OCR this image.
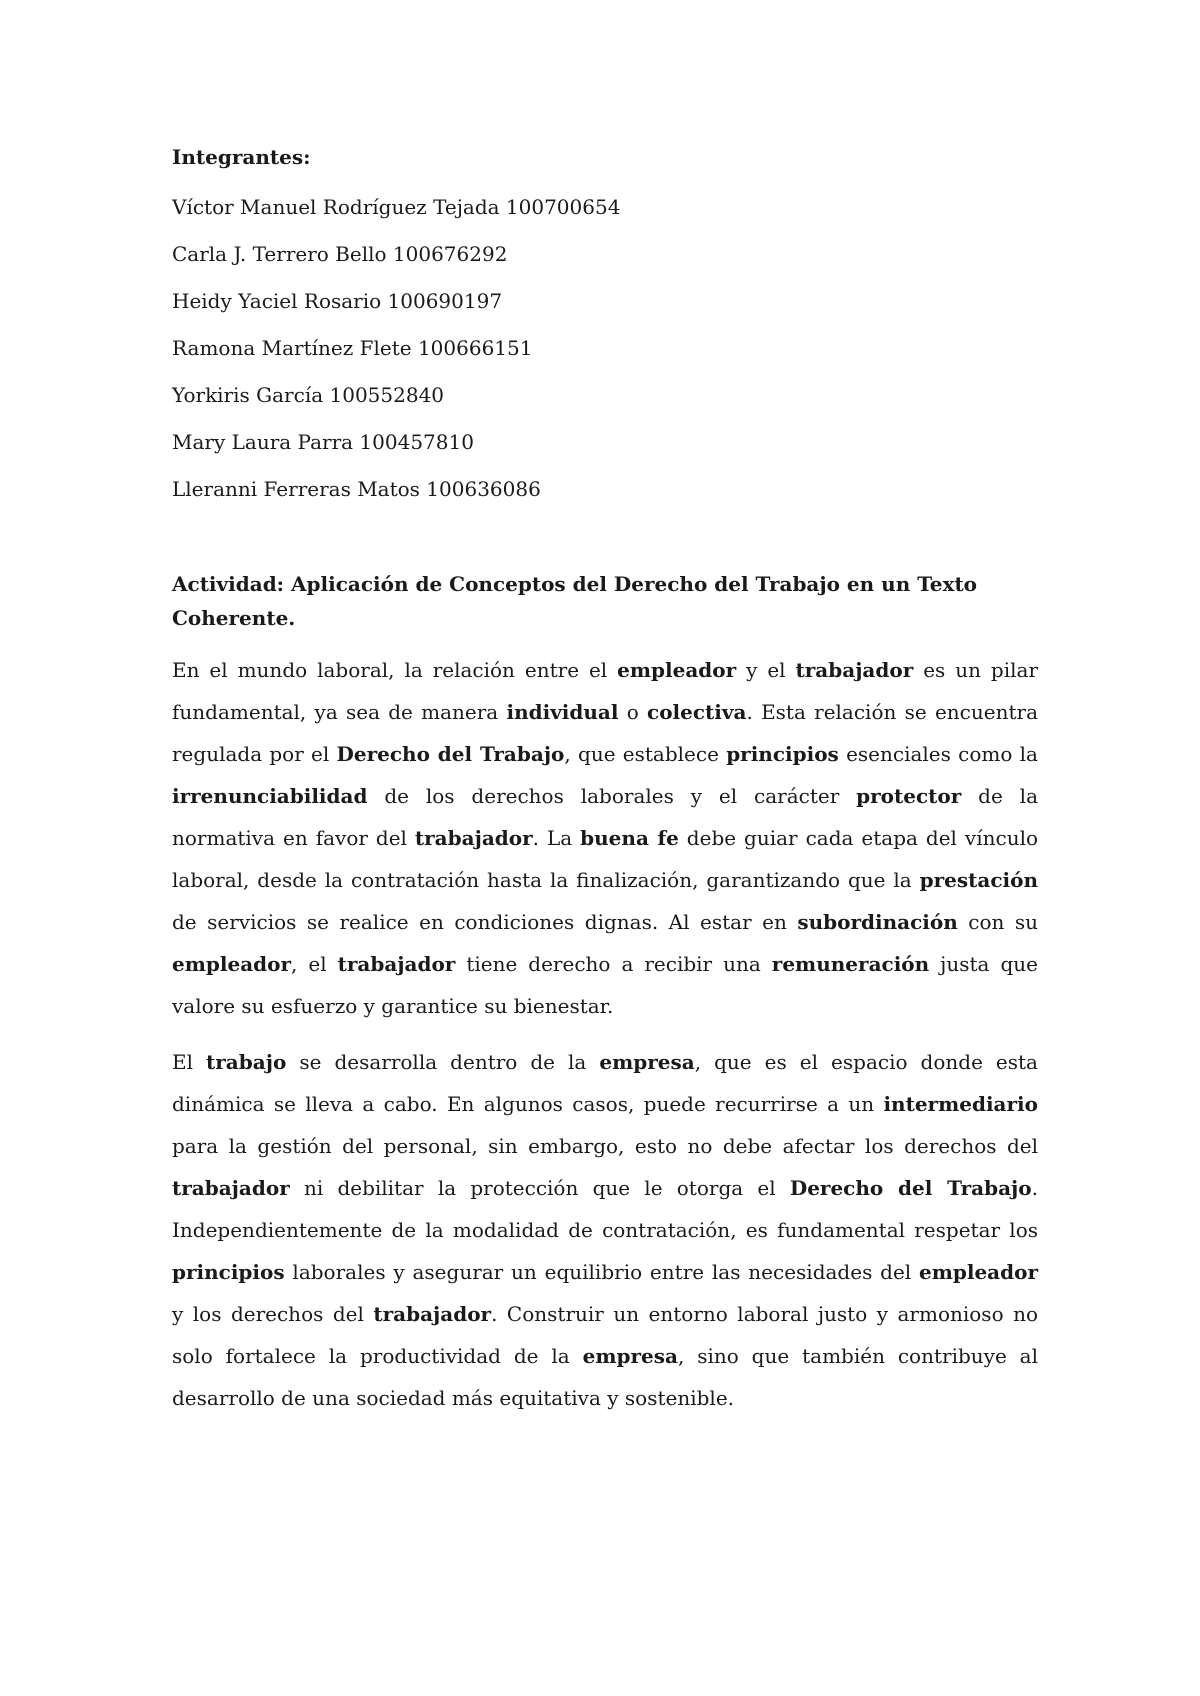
Integrantes:

Víctor Manuel Rodríguez Tejada 100700654
Carla J. Terrero Bello 100676292
Heidy Yaciel Rosario 100690197
Ramona Martínez Flete 100666151
Yorkiris García 100552840
Mary Laura Parra 100457810
Lleranni Ferreras Matos 100636086

Actividad: Aplicación de Conceptos del Derecho del Trabajo en un Texto Coherente.

En el mundo laboral, la relación entre el empleador y el trabajador es un pilar fundamental, ya sea de manera individual o colectiva. Esta relación se encuentra regulada por el Derecho del Trabajo, que establece principios esenciales como la irrenunciabilidad de los derechos laborales y el carácter protector de la normativa en favor del trabajador. La buena fe debe guiar cada etapa del vínculo laboral, desde la contratación hasta la finalización, garantizando que la prestación de servicios se realice en condiciones dignas. Al estar en subordinación con su empleador, el trabajador tiene derecho a recibir una remuneración justa que valore su esfuerzo y garantice su bienestar.

El trabajo se desarrolla dentro de la empresa, que es el espacio donde esta dinámica se lleva a cabo. En algunos casos, puede recurrirse a un intermediario para la gestión del personal, sin embargo, esto no debe afectar los derechos del trabajador ni debilitar la protección que le otorga el Derecho del Trabajo. Independientemente de la modalidad de contratación, es fundamental respetar los principios laborales y asegurar un equilibrio entre las necesidades del empleador y los derechos del trabajador. Construir un entorno laboral justo y armonioso no solo fortalece la productividad de la empresa, sino que también contribuye al desarrollo de una sociedad más equitativa y sostenible.
